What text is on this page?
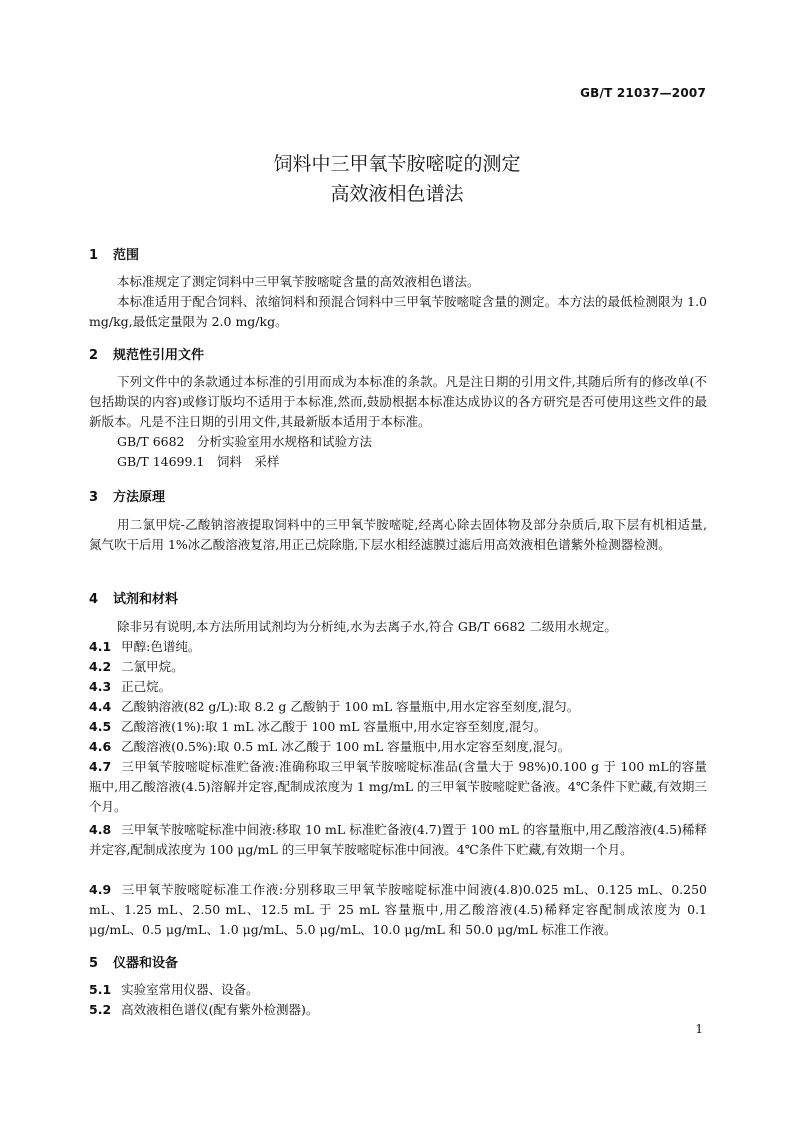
GB/T 21037—2007
饲料中三甲氧苄胺嘧啶的测定
高效液相色谱法
1 范围
本标准规定了测定饲料中三甲氧苄胺嘧啶含量的高效液相色谱法。
本标准适用于配合饲料、浓缩饲料和预混合饲料中三甲氧苄胺嘧啶含量的测定。本方法的最低检测限为 1.0 mg/kg,最低定量限为 2.0 mg/kg。
2 规范性引用文件
下列文件中的条款通过本标准的引用而成为本标准的条款。凡是注日期的引用文件,其随后所有的修改单(不包括勘误的内容)或修订版均不适用于本标准,然而,鼓励根据本标准达成协议的各方研究是否可使用这些文件的最新版本。凡是不注日期的引用文件,其最新版本适用于本标准。
GB/T 6682　分析实验室用水规格和试验方法
GB/T 14699.1　饲料　采样
3 方法原理
用二氯甲烷-乙酸钠溶液提取饲料中的三甲氧苄胺嘧啶,经离心除去固体物及部分杂质后,取下层有机相适量,氮气吹干后用 1%冰乙酸溶液复溶,用正己烷除脂,下层水相经滤膜过滤后用高效液相色谱紫外检测器检测。
4 试剂和材料
除非另有说明,本方法所用试剂均为分析纯,水为去离子水,符合 GB/T 6682 二级用水规定。
4.1 甲醇:色谱纯。
4.2 二氯甲烷。
4.3 正己烷。
4.4 乙酸钠溶液(82 g/L):取 8.2 g 乙酸钠于 100 mL 容量瓶中,用水定容至刻度,混匀。
4.5 乙酸溶液(1%):取 1 mL 冰乙酸于 100 mL 容量瓶中,用水定容至刻度,混匀。
4.6 乙酸溶液(0.5%):取 0.5 mL 冰乙酸于 100 mL 容量瓶中,用水定容至刻度,混匀。
4.7 三甲氧苄胺嘧啶标准贮备液:准确称取三甲氧苄胺嘧啶标准品(含量大于 98%)0.100 g 于 100 mL的容量瓶中,用乙酸溶液(4.5)溶解并定容,配制成浓度为 1 mg/mL 的三甲氧苄胺嘧啶贮备液。4℃条件下贮藏,有效期三个月。
4.8 三甲氧苄胺嘧啶标准中间液:移取 10 mL 标准贮备液(4.7)置于 100 mL 的容量瓶中,用乙酸溶液(4.5)稀释并定容,配制成浓度为 100 μg/mL 的三甲氧苄胺嘧啶标准中间液。4℃条件下贮藏,有效期一个月。
4.9 三甲氧苄胺嘧啶标准工作液:分别移取三甲氧苄胺嘧啶标准中间液(4.8)0.025 mL、0.125 mL、0.250 mL、1.25 mL、2.50 mL、12.5 mL 于 25 mL 容量瓶中,用乙酸溶液(4.5)稀释定容配制成浓度为 0.1 μg/mL、0.5 μg/mL、1.0 μg/mL、5.0 μg/mL、10.0 μg/mL 和 50.0 μg/mL 标准工作液。
5 仪器和设备
5.1 实验室常用仪器、设备。
5.2 高效液相色谱仪(配有紫外检测器)。
1
